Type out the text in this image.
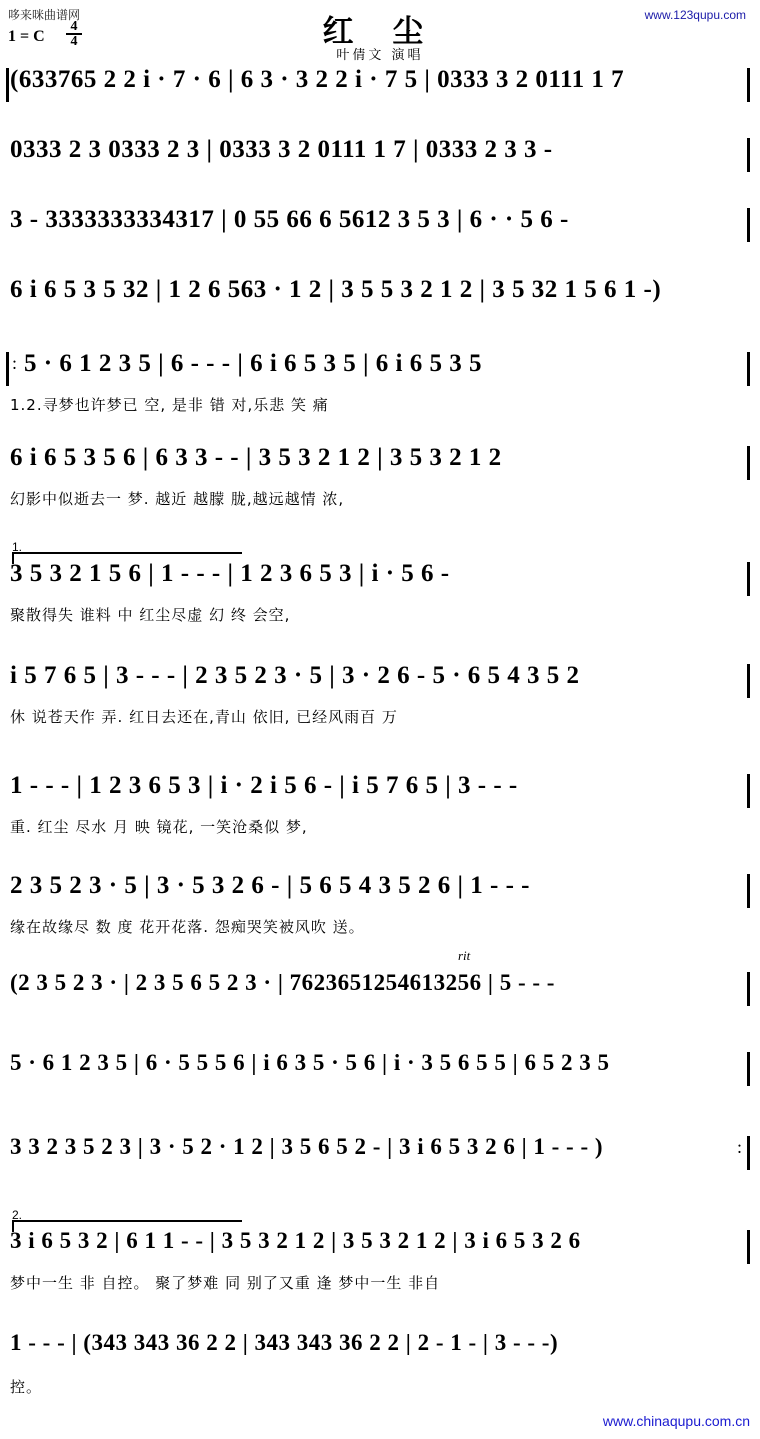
哆来咪曲谱网	www.123qupu.com
红 尘
叶倩文 演唱
1 = C $\frac{4}{4}$
(633765 2 2 i · 7 · 6 | 6 3 · 3 2 2 i · 7 5 | 0333 3 2 0111 1 7
0333 2 3 0333 2 3 | 0333 3 2 0111 1 7 | 0333 2 3 3 -
3 - 3333333334317 | 0 55 66 6 5612 3 5 3 | 6 · · 5 6 -
6 i 6 5 3 5 32 | 1 2 6 563 · 1 2 | 3 5 5 3 2 1 2 | 3 5 32 1 5 6 1 -)
: 5 · 6 1 2 3 5 | 6 - - - | 6 i 6 5 3 5 | 6 i 6 5 3 5
1.2.寻梦也许梦已 空, 是非 错 对,乐悲 笑 痛
6 i 6 5 3 5 6 | 6 3 3 - - | 3 5 3 2 1 2 | 3 5 3 2 1 2
幻影中似逝去一 梦. 越近 越朦 胧,越远越情 浓,
1.
3 5 3 2 1 5 6 | 1 - - - | 1 2 3 6 5 3 | i · 5 6 -
聚散得失 谁料 中 红尘尽虚 幻 终 会空,
i 5 7 6 5 | 3 - - - | 2 3 5 2 3 · 5 | 3 · 2 6 - 5 · 6 5 4 3 5 2
休 说苍天作 弄. 红日去还在,青山 依旧, 已经风雨百 万
1 - - - | 1 2 3 6 5 3 | i · 2 i 5 6 - | i 5 7 6 5 | 3 - - -
重. 红尘 尽水 月 映 镜花, 一笑沧桑似 梦,
2 3 5 2 3 · 5 | 3 · 5 3 2 6 - | 5 6 5 4 3 5 2 6 | 1 - - -
缘在故缘尽 数 度 花开花落. 怨痴哭笑被风吹 送。
rit
(2 3 5 2 3 · | 2 3 5 6 5 2 3 · | 7623651254613256 | 5 - - -
5 · 6 1 2 3 5 | 6 · 5 5 5 6 | i 6 3 5 · 5 6 | i · 3 5 6 5 5 | 6 5 2 3 5
3 3 2 3 5 2 3 | 3 · 5 2 · 1 2 | 3 5 6 5 2 - | 3 i 6 5 3 2 6 | 1 - - - )	:
2.
3 i 6 5 3 2 | 6 1 1 - - | 3 5 3 2 1 2 | 3 5 3 2 1 2 | 3 i 6 5 3 2 6
梦中一生 非 自控。 聚了梦难 同 别了又重 逢 梦中一生 非自
1 - - - | (343 343 36 2 2 | 343 343 36 2 2 | 2 - 1 - | 3 - - -)
控。
www.chinaqupu.com.cn
